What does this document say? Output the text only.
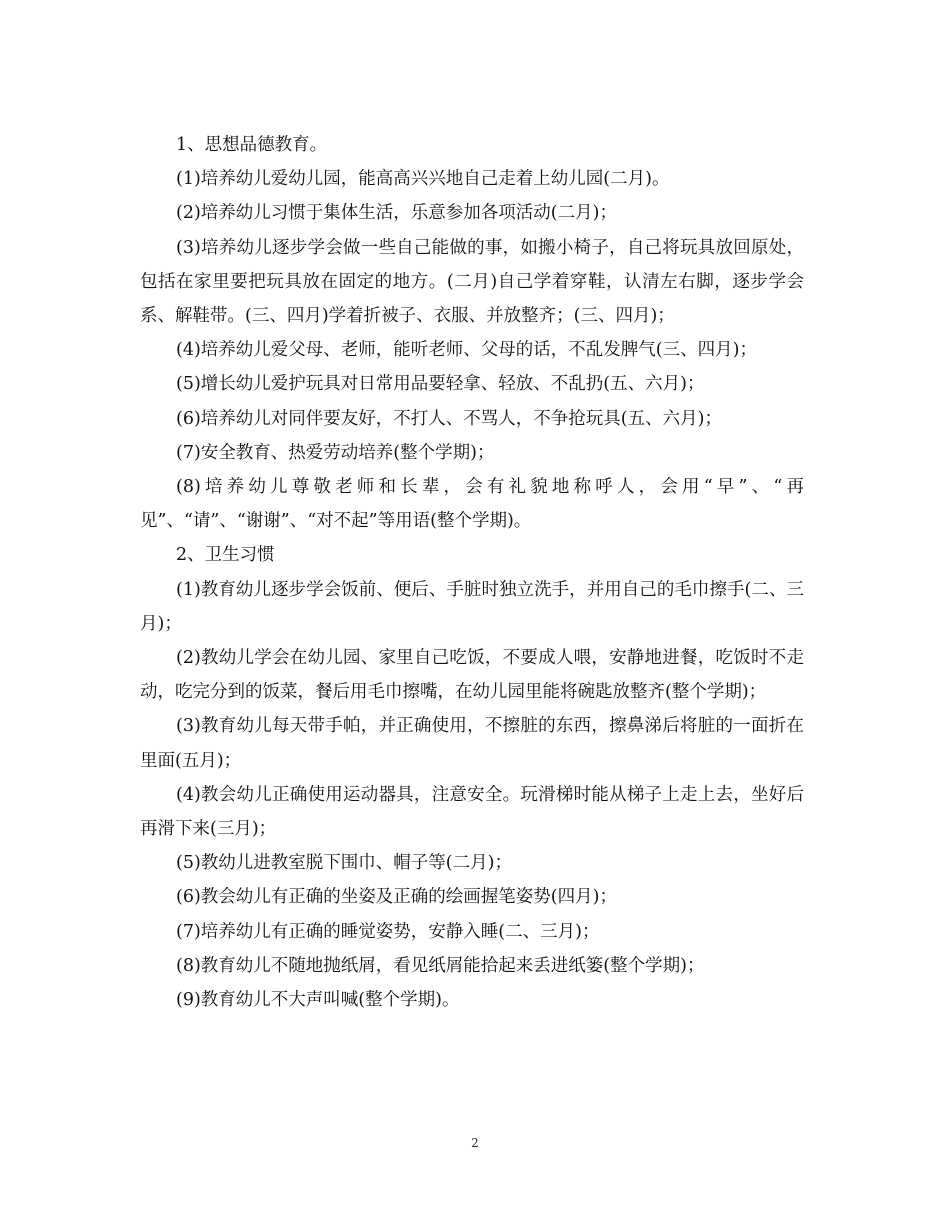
1、思想品德教育。

(1)培养幼儿爱幼儿园，能高高兴兴地自己走着上幼儿园(二月)。

(2)培养幼儿习惯于集体生活，乐意参加各项活动(二月)；

(3)培养幼儿逐步学会做一些自己能做的事，如搬小椅子，自己将玩具放回原处，包括在家里要把玩具放在固定的地方。(二月)自己学着穿鞋，认清左右脚，逐步学会系、解鞋带。(三、四月)学着折被子、衣服、并放整齐；(三、四月)；

(4)培养幼儿爱父母、老师，能听老师、父母的话，不乱发脾气(三、四月)；

(5)增长幼儿爱护玩具对日常用品要轻拿、轻放、不乱扔(五、六月)；

(6)培养幼儿对同伴要友好，不打人、不骂人，不争抢玩具(五、六月)；

(7)安全教育、热爱劳动培养(整个学期)；

(8)培养幼儿尊敬老师和长辈，会有礼貌地称呼人，会用“早”、“再见”、“请”、“谢谢”、“对不起”等用语(整个学期)。

2、卫生习惯

(1)教育幼儿逐步学会饭前、便后、手脏时独立洗手，并用自己的毛巾擦手(二、三月)；

(2)教幼儿学会在幼儿园、家里自己吃饭，不要成人喂，安静地进餐，吃饭时不走动，吃完分到的饭菜，餐后用毛巾擦嘴，在幼儿园里能将碗匙放整齐(整个学期)；

(3)教育幼儿每天带手帕，并正确使用，不擦脏的东西，擦鼻涕后将脏的一面折在里面(五月)；

(4)教会幼儿正确使用运动器具，注意安全。玩滑梯时能从梯子上走上去，坐好后再滑下来(三月)；

(5)教幼儿进教室脱下围巾、帽子等(二月)；

(6)教会幼儿有正确的坐姿及正确的绘画握笔姿势(四月)；

(7)培养幼儿有正确的睡觉姿势，安静入睡(二、三月)；

(8)教育幼儿不随地抛纸屑，看见纸屑能拾起来丢进纸篓(整个学期)；

(9)教育幼儿不大声叫喊(整个学期)。

2
